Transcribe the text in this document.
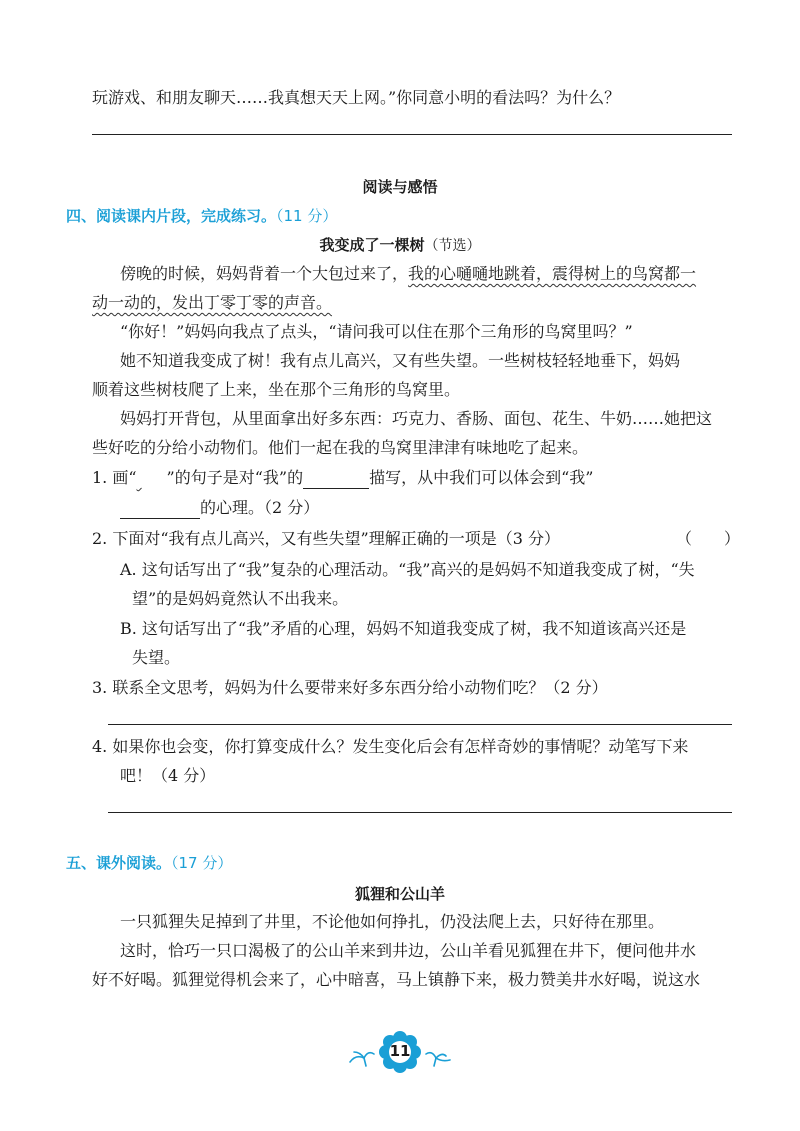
玩游戏、和朋友聊天……我真想天天上网。”你同意小明的看法吗？为什么？
阅读与感悟
四、阅读课内片段，完成练习。（11 分）
我变成了一棵树（节选）
傍晚的时候，妈妈背着一个大包过来了，我的心嗵嗵地跳着，震得树上的鸟窝都一
动一动的，发出丁零丁零的声音。
“你好！”妈妈向我点了点头，“请问我可以住在那个三角形的鸟窝里吗？”
她不知道我变成了树！我有点儿高兴，又有些失望。一些树枝轻轻地垂下，妈妈
顺着这些树枝爬了上来，坐在那个三角形的鸟窝里。
妈妈打开背包，从里面拿出好多东西：巧克力、香肠、面包、花生、牛奶……她把这
些好吃的分给小动物们。他们一起在我的鸟窝里津津有味地吃了起来。
1. 画“ ”的句子是对“我”的	描写，从中我们可以体会到“我”
的心理。（2 分）
2. 下面对“我有点儿高兴，又有些失望”理解正确的一项是（3 分）	（　　）
A. 这句话写出了“我”复杂的心理活动。“我”高兴的是妈妈不知道我变成了树，“失
望”的是妈妈竟然认不出我来。
B. 这句话写出了“我”矛盾的心理，妈妈不知道我变成了树，我不知道该高兴还是
失望。
3. 联系全文思考，妈妈为什么要带来好多东西分给小动物们吃？（2 分）
4. 如果你也会变，你打算变成什么？发生变化后会有怎样奇妙的事情呢？动笔写下来
吧！（4 分）
五、课外阅读。（17 分）
狐狸和公山羊
一只狐狸失足掉到了井里，不论他如何挣扎，仍没法爬上去，只好待在那里。
这时，恰巧一只口渴极了的公山羊来到井边，公山羊看见狐狸在井下，便问他井水
好不好喝。狐狸觉得机会来了，心中暗喜，马上镇静下来，极力赞美井水好喝，说这水
11
